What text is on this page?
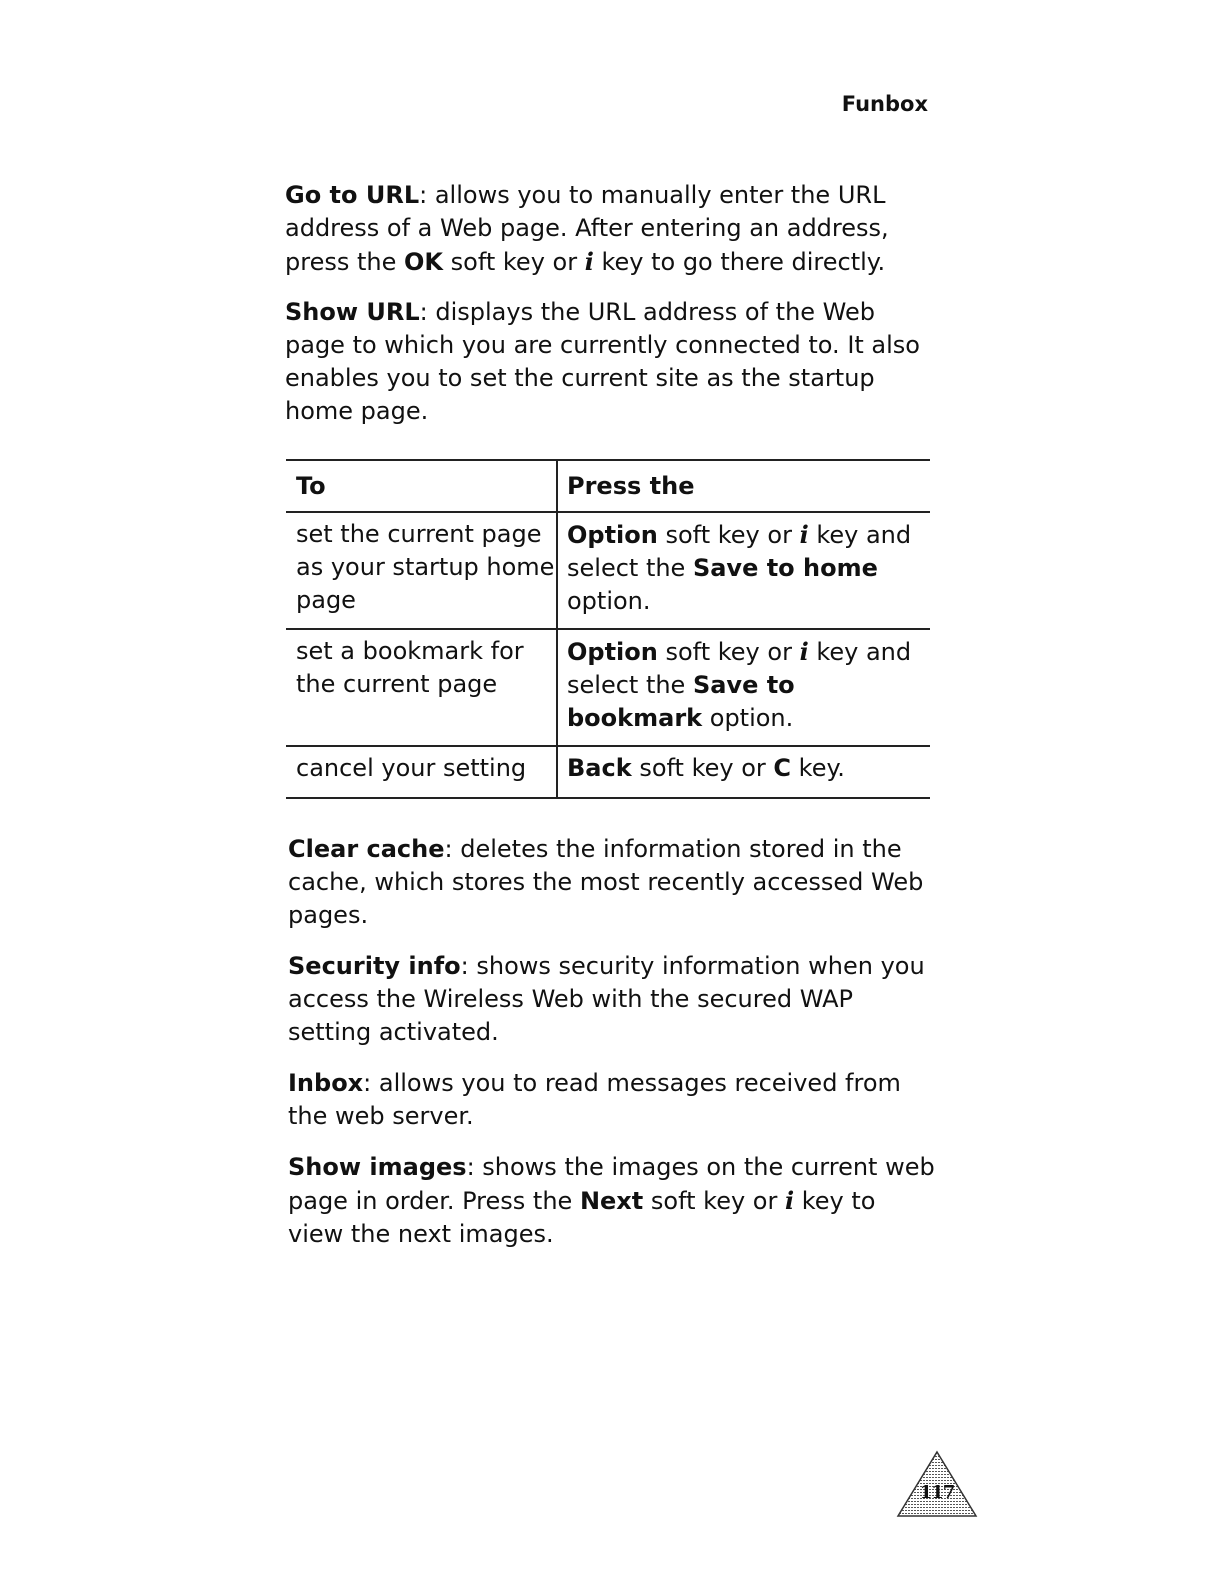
Funbox

Go to URL: allows you to manually enter the URL address of a Web page. After entering an address, press the OK soft key or i key to go there directly.

Show URL: displays the URL address of the Web page to which you are currently connected to. It also enables you to set the current site as the startup home page.

To	Press the
set the current page as your startup home page	Option soft key or i key and select the Save to home option.
set a bookmark for the current page	Option soft key or i key and select the Save to bookmark option.
cancel your setting	Back soft key or C key.

Clear cache: deletes the information stored in the cache, which stores the most recently accessed Web pages.

Security info: shows security information when you access the Wireless Web with the secured WAP setting activated.

Inbox: allows you to read messages received from the web server.

Show images: shows the images on the current web page in order. Press the Next soft key or i key to view the next images.

117
